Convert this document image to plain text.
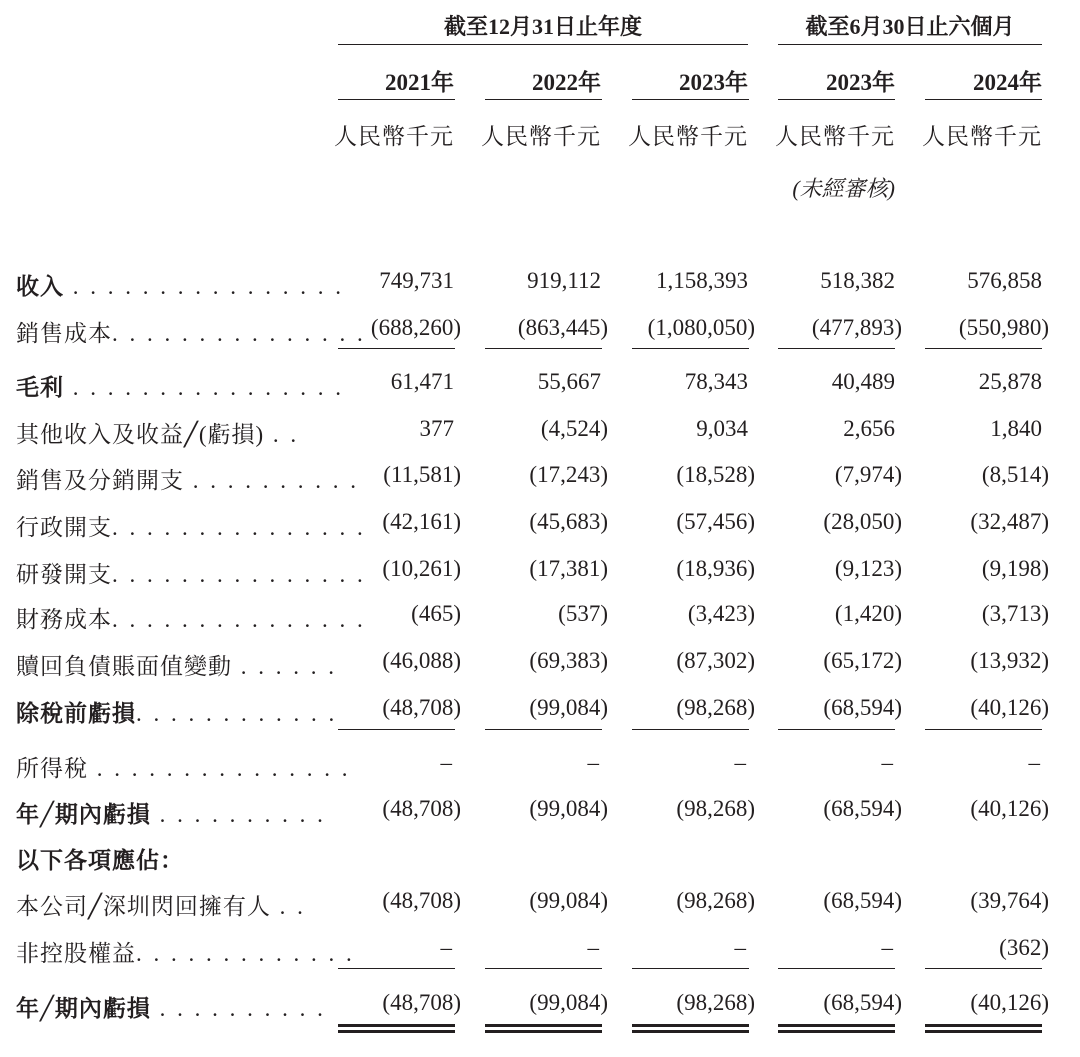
截至12月31日止年度	截至6月30日止六個月
2021年	2022年	2023年	2023年	2024年
人民幣千元 人民幣千元 人民幣千元 人民幣千元 人民幣千元
(未經審核)
收入 . . . . . . . . . . . . . . . .	749,731	919,112	1,158,393	518,382	576,858
銷售成本. . . . . . . . . . . . . . . (688,260)	(863,445)	(1,080,050)	(477,893)	(550,980)
毛利 . . . . . . . . . . . . . . . .	61,471	55,667	78,343	40,489	25,878
其他收入及收益╱(虧損) . .	377	(4,524)	9,034	2,656	1,840
銷售及分銷開支 . . . . . . . . . .	(11,581)	(17,243)	(18,528)	(7,974)	(8,514)
行政開支. . . . . . . . . . . . . . . (42,161)	(45,683)	(57,456)	(28,050)	(32,487)
研發開支. . . . . . . . . . . . . . . (10,261)	(17,381)	(18,936)	(9,123)	(9,198)
財務成本. . . . . . . . . . . . . . .	(465)	(537)	(3,423)	(1,420)	(3,713)
贖回負債賬面值變動 . . . . . .	(46,088)	(69,383)	(87,302)	(65,172)	(13,932)
除稅前虧損. . . . . . . . . . . .	(48,708)	(99,084)	(98,268)	(68,594)	(40,126)
所得稅 . . . . . . . . . . . . . . .	–	–	–	–	–
年╱期內虧損 . . . . . . . . . .	(48,708)	(99,084)	(98,268)	(68,594)	(40,126)
以下各項應佔：
本公司╱深圳閃回擁有人 . .	(48,708)	(99,084)	(98,268)	(68,594)	(39,764)
非控股權益. . . . . . . . . . . . .	–	–	–	–	(362)
年╱期內虧損 . . . . . . . . . .	(48,708)	(99,084)	(98,268)	(68,594)	(40,126)
